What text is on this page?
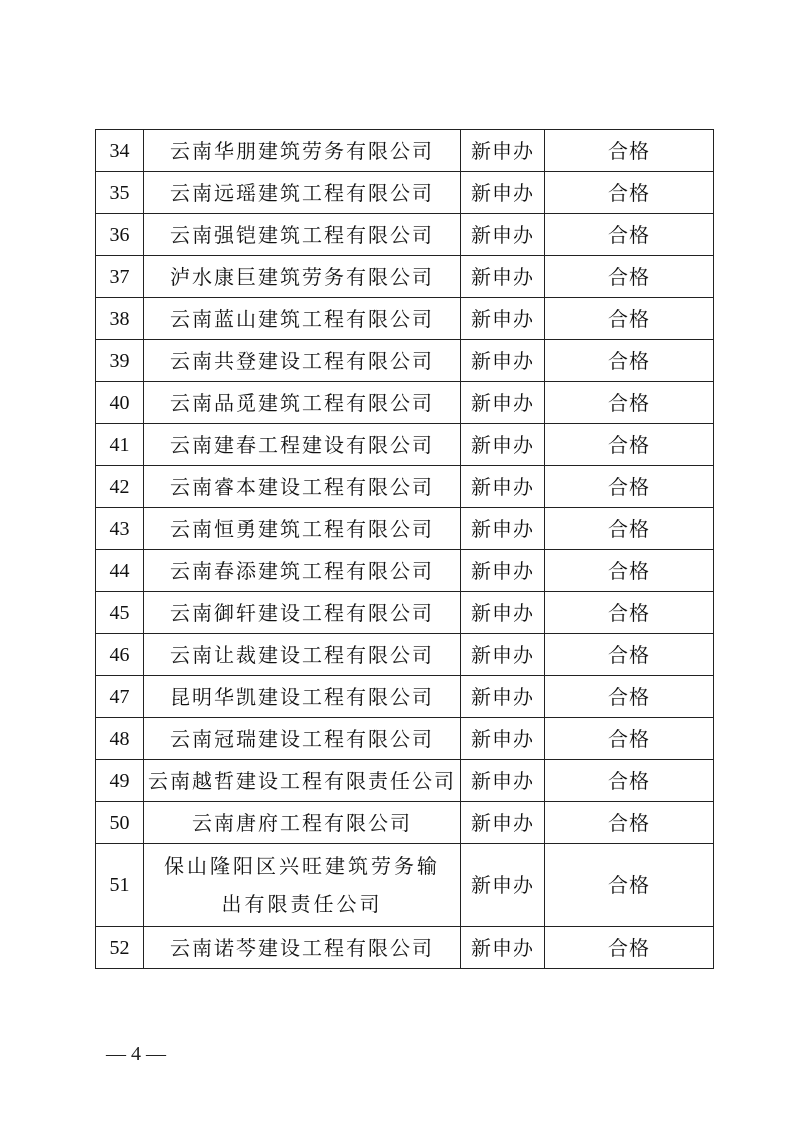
34	云南华朋建筑劳务有限公司	新申办	合格
35	云南远瑶建筑工程有限公司	新申办	合格
36	云南强铠建筑工程有限公司	新申办	合格
37	泸水康巨建筑劳务有限公司	新申办	合格
38	云南蓝山建筑工程有限公司	新申办	合格
39	云南共登建设工程有限公司	新申办	合格
40	云南品觅建筑工程有限公司	新申办	合格
41	云南建春工程建设有限公司	新申办	合格
42	云南睿本建设工程有限公司	新申办	合格
43	云南恒勇建筑工程有限公司	新申办	合格
44	云南春添建筑工程有限公司	新申办	合格
45	云南御轩建设工程有限公司	新申办	合格
46	云南让裁建设工程有限公司	新申办	合格
47	昆明华凯建设工程有限公司	新申办	合格
48	云南冠瑞建设工程有限公司	新申办	合格
49	云南越哲建设工程有限责任公司	新申办	合格
50	云南唐府工程有限公司	新申办	合格
51	保山隆阳区兴旺建筑劳务输出有限责任公司	新申办	合格
52	云南诺芩建设工程有限公司	新申办	合格
— 4 —
